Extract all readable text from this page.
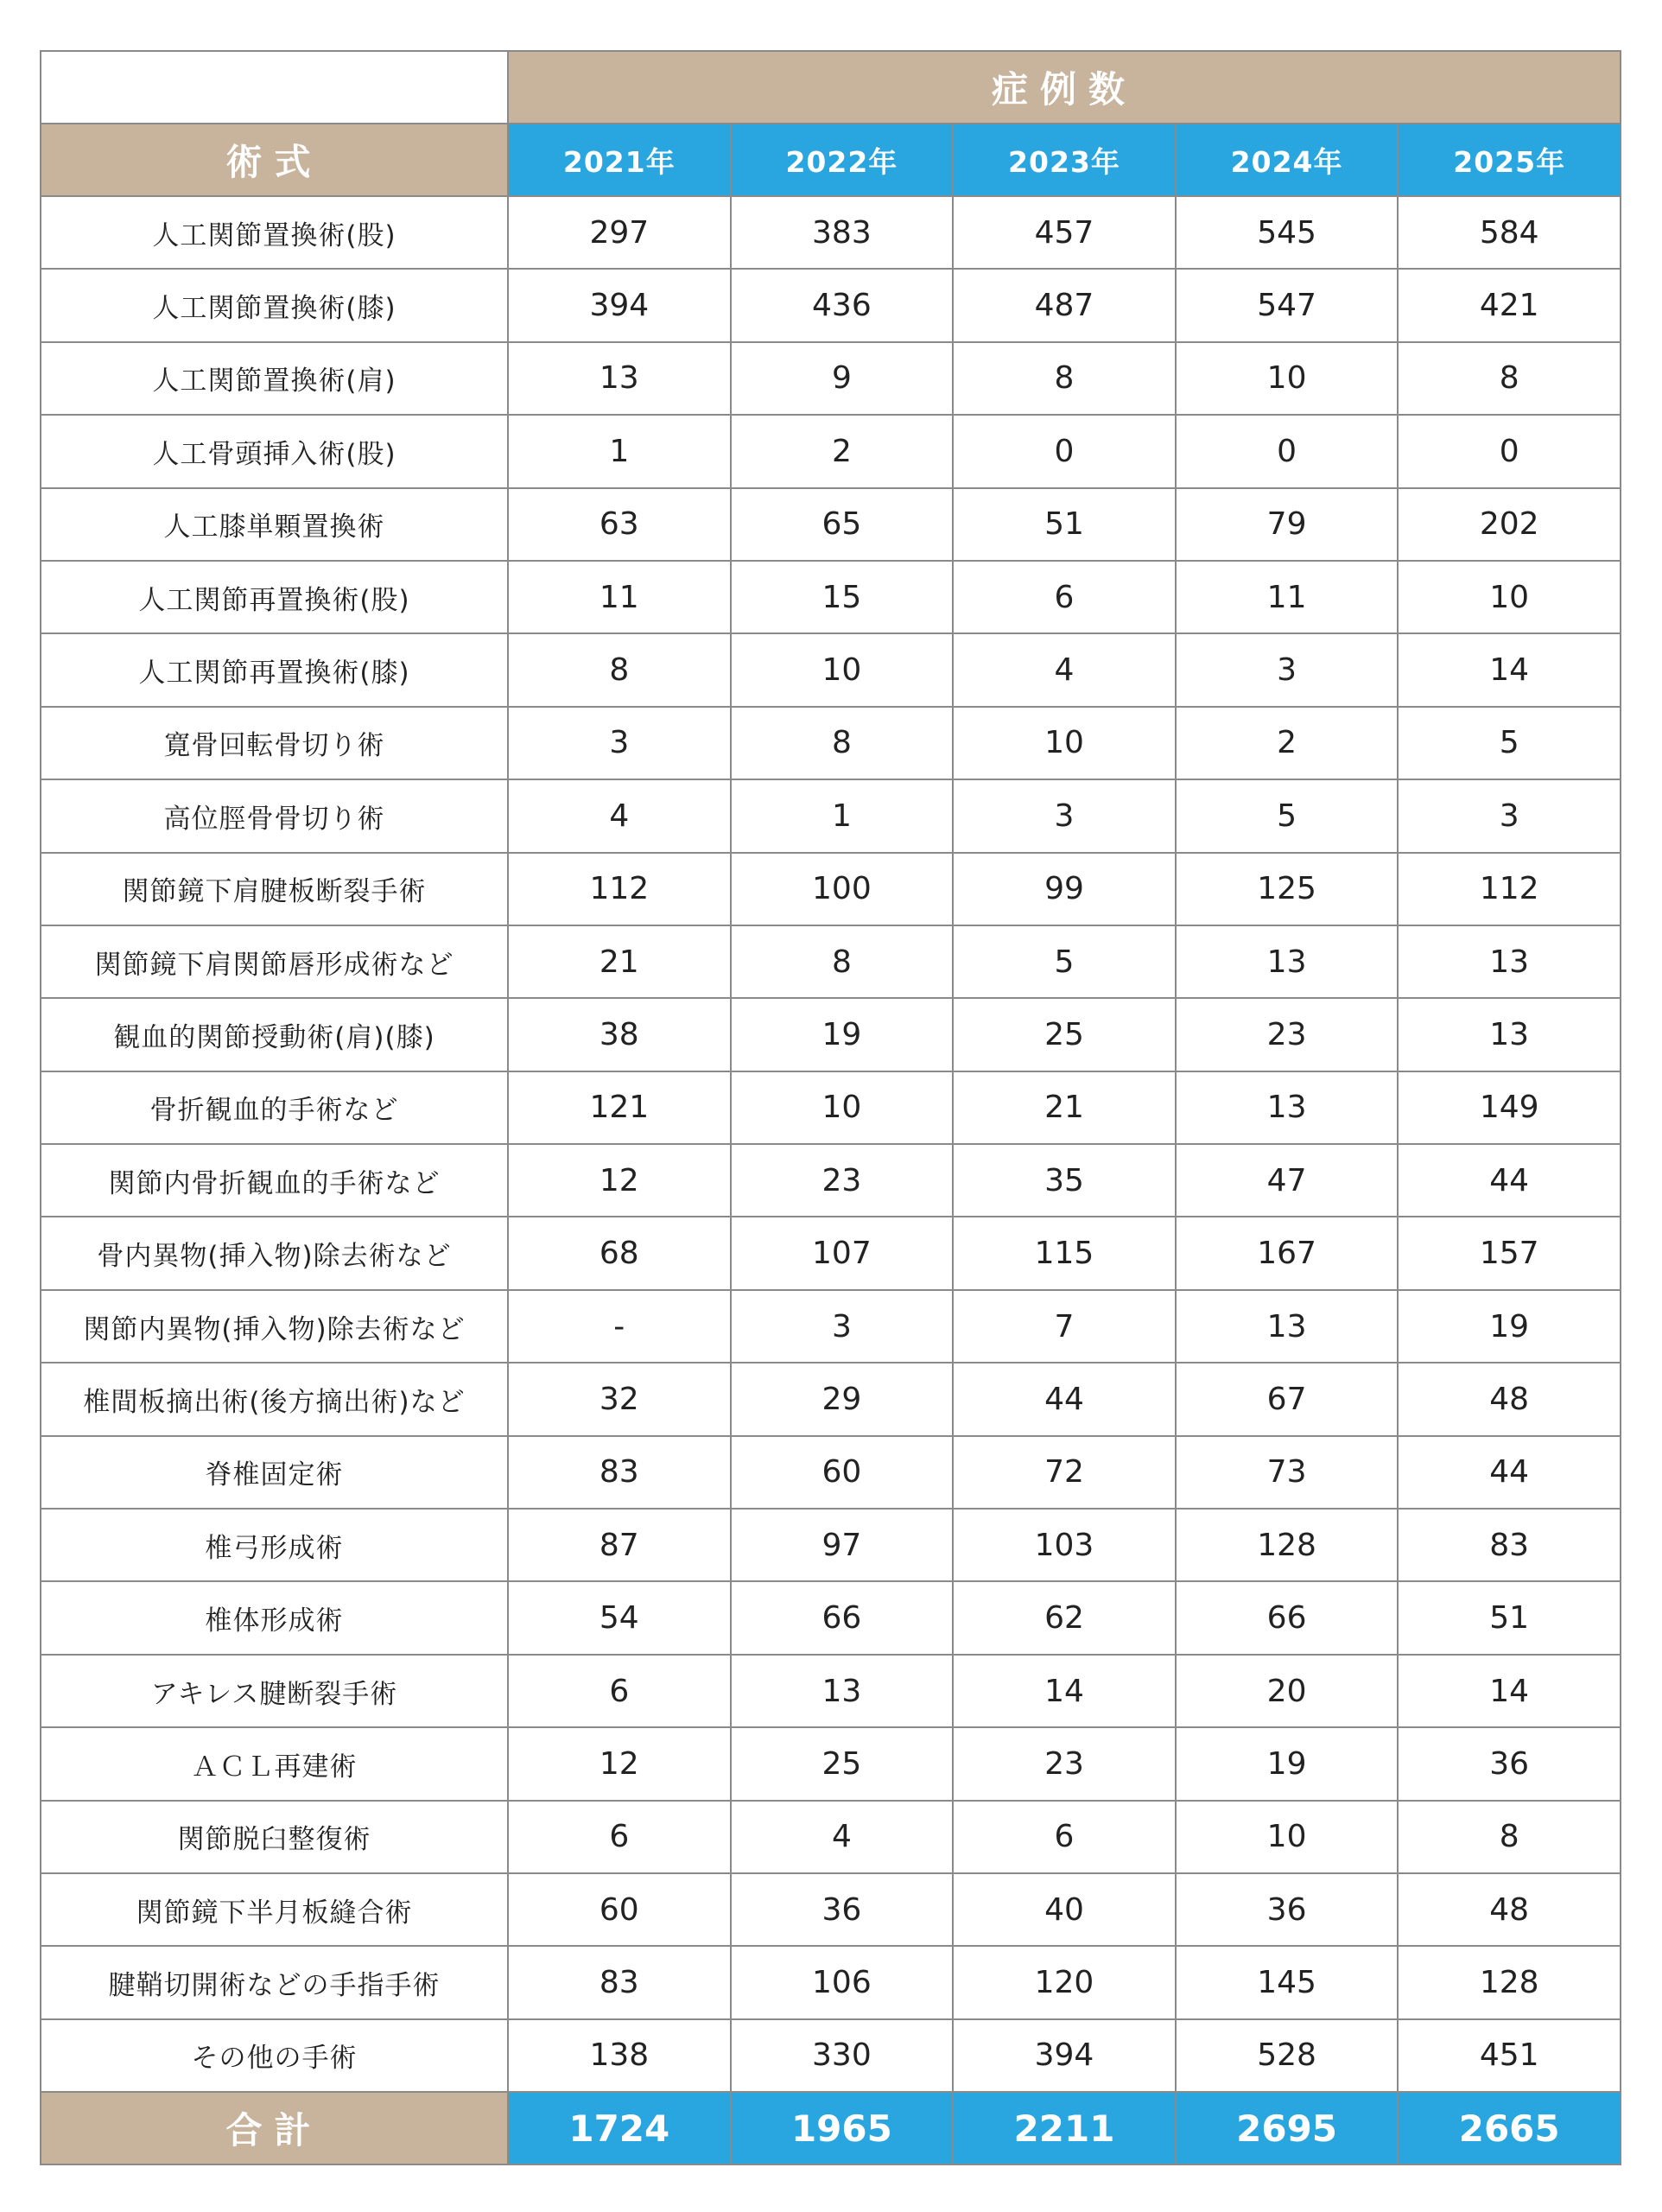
	症例数				
術式	2021年	2022年	2023年	2024年	2025年
人工関節置換術(股)	297	383	457	545	584
人工関節置換術(膝)	394	436	487	547	421
人工関節置換術(肩)	13	9	8	10	8
人工骨頭挿入術(股)	1	2	0	0	0
人工膝単顆置換術	63	65	51	79	202
人工関節再置換術(股)	11	15	6	11	10
人工関節再置換術(膝)	8	10	4	3	14
寛骨回転骨切り術	3	8	10	2	5
高位脛骨骨切り術	4	1	3	5	3
関節鏡下肩腱板断裂手術	112	100	99	125	112
関節鏡下肩関節唇形成術など	21	8	5	13	13
観血的関節授動術(肩)(膝)	38	19	25	23	13
骨折観血的手術など	121	10	21	13	149
関節内骨折観血的手術など	12	23	35	47	44
骨内異物(挿入物)除去術など	68	107	115	167	157
関節内異物(挿入物)除去術など	-	3	7	13	19
椎間板摘出術(後方摘出術)など	32	29	44	67	48
脊椎固定術	83	60	72	73	44
椎弓形成術	87	97	103	128	83
椎体形成術	54	66	62	66	51
アキレス腱断裂手術	6	13	14	20	14
ＡＣＬ再建術	12	25	23	19	36
関節脱臼整復術	6	4	6	10	8
関節鏡下半月板縫合術	60	36	40	36	48
腱鞘切開術などの手指手術	83	106	120	145	128
その他の手術	138	330	394	528	451
合計	1724	1965	2211	2695	2665
